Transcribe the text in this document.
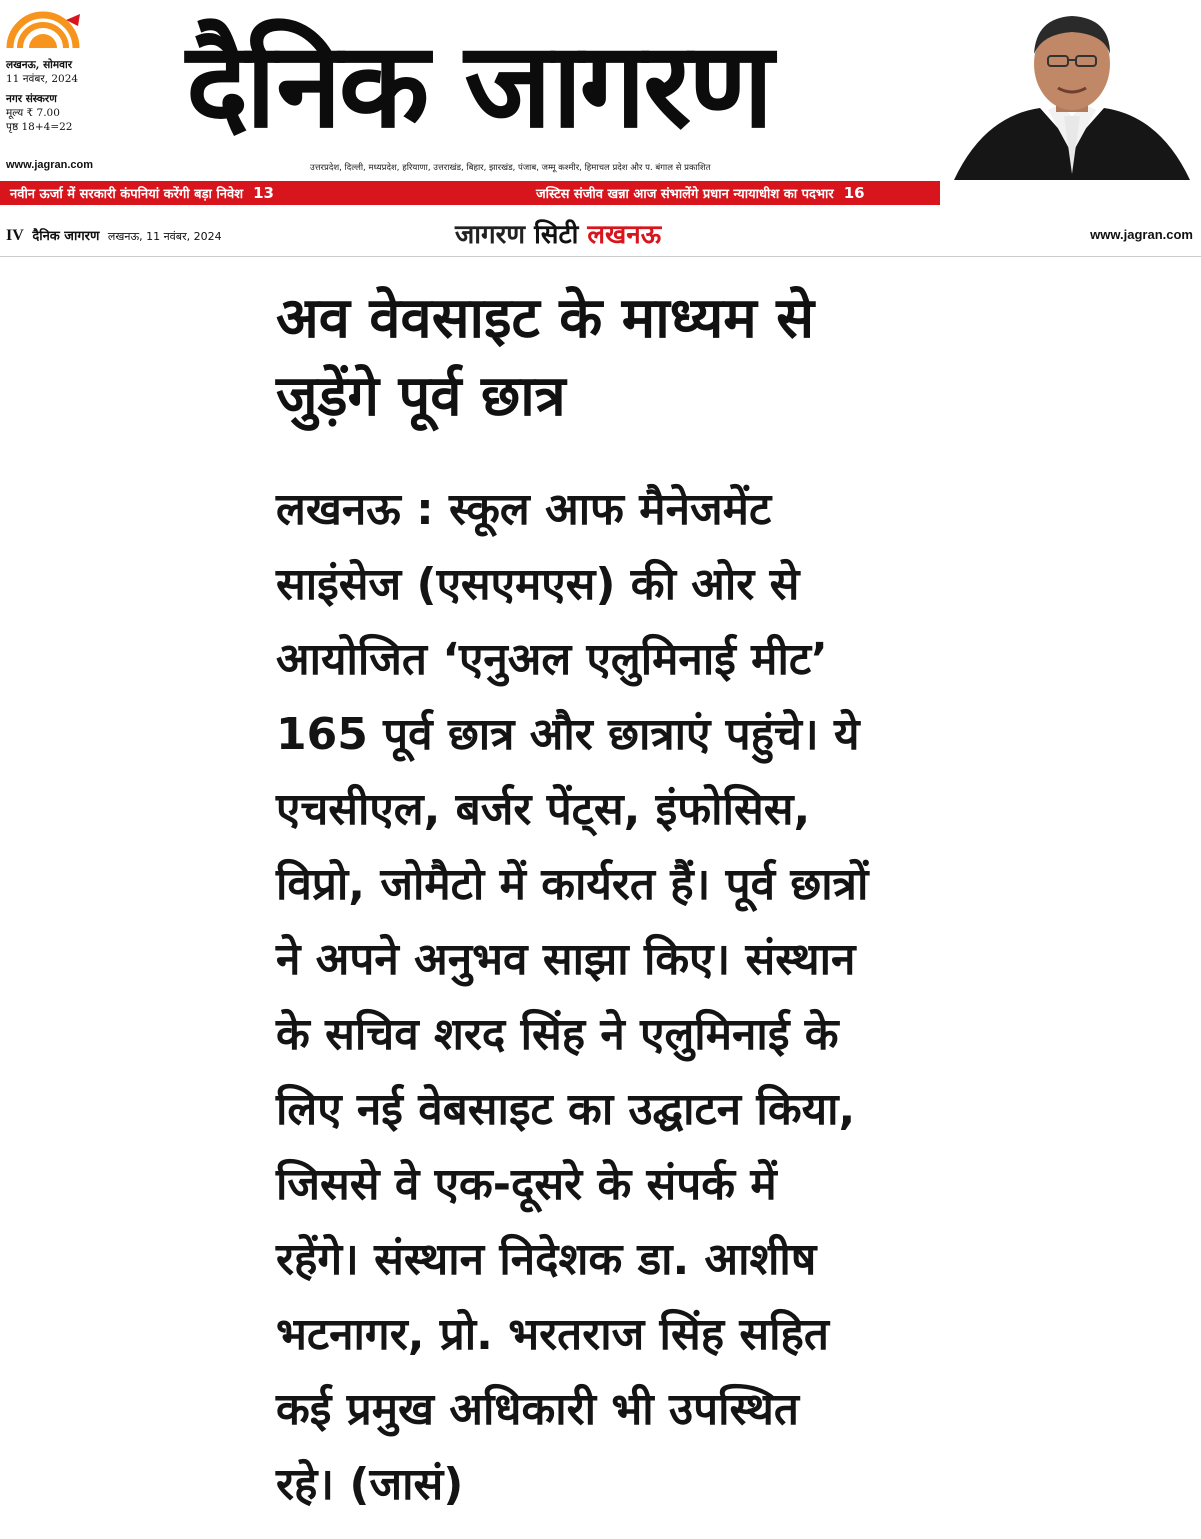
लखनऊ, सोमवार
11 नवंबर, 2024
नगर संस्करण
मूल्य ₹ 7.00
पृष्ठ 18+4=22
www.jagran.com
दैनिक जागरण
उत्तरप्रदेश, दिल्ली, मध्यप्रदेश, हरियाणा, उत्तराखंड, बिहार, झारखंड, पंजाब, जम्मू कश्मीर, हिमाचल प्रदेश और प. बंगाल से प्रकाशित
नवीन ऊर्जा में सरकारी कंपनियां करेंगी बड़ा निवेश 13	जस्टिस संजीव खन्ना आज संभालेंगे प्रधान न्यायाधीश का पदभार 16
IV दैनिक जागरण लखनऊ, 11 नवंबर, 2024	जागरण सिटी लखनऊ	www.jagran.com
अव वेवसाइट के माध्यम से
जुड़ेंगे पूर्व छात्र
लखनऊ : स्कूल आफ मैनेजमेंट
साइंसेज (एसएमएस) की ओर से
आयोजित ‘एनुअल एलुमिनाई मीट’
165 पूर्व छात्र और छात्राएं पहुंचे। ये
एचसीएल, बर्जर पेंट्स, इंफोसिस,
विप्रो, जोमैटो में कार्यरत हैं। पूर्व छात्रों
ने अपने अनुभव साझा किए। संस्थान
के सचिव शरद सिंह ने एलुमिनाई के
लिए नई वेबसाइट का उद्घाटन किया,
जिससे वे एक-दूसरे के संपर्क में
रहेंगे। संस्थान निदेशक डा. आशीष
भटनागर, प्रो. भरतराज सिंह सहित
कई प्रमुख अधिकारी भी उपस्थित
रहे। (जासं)
